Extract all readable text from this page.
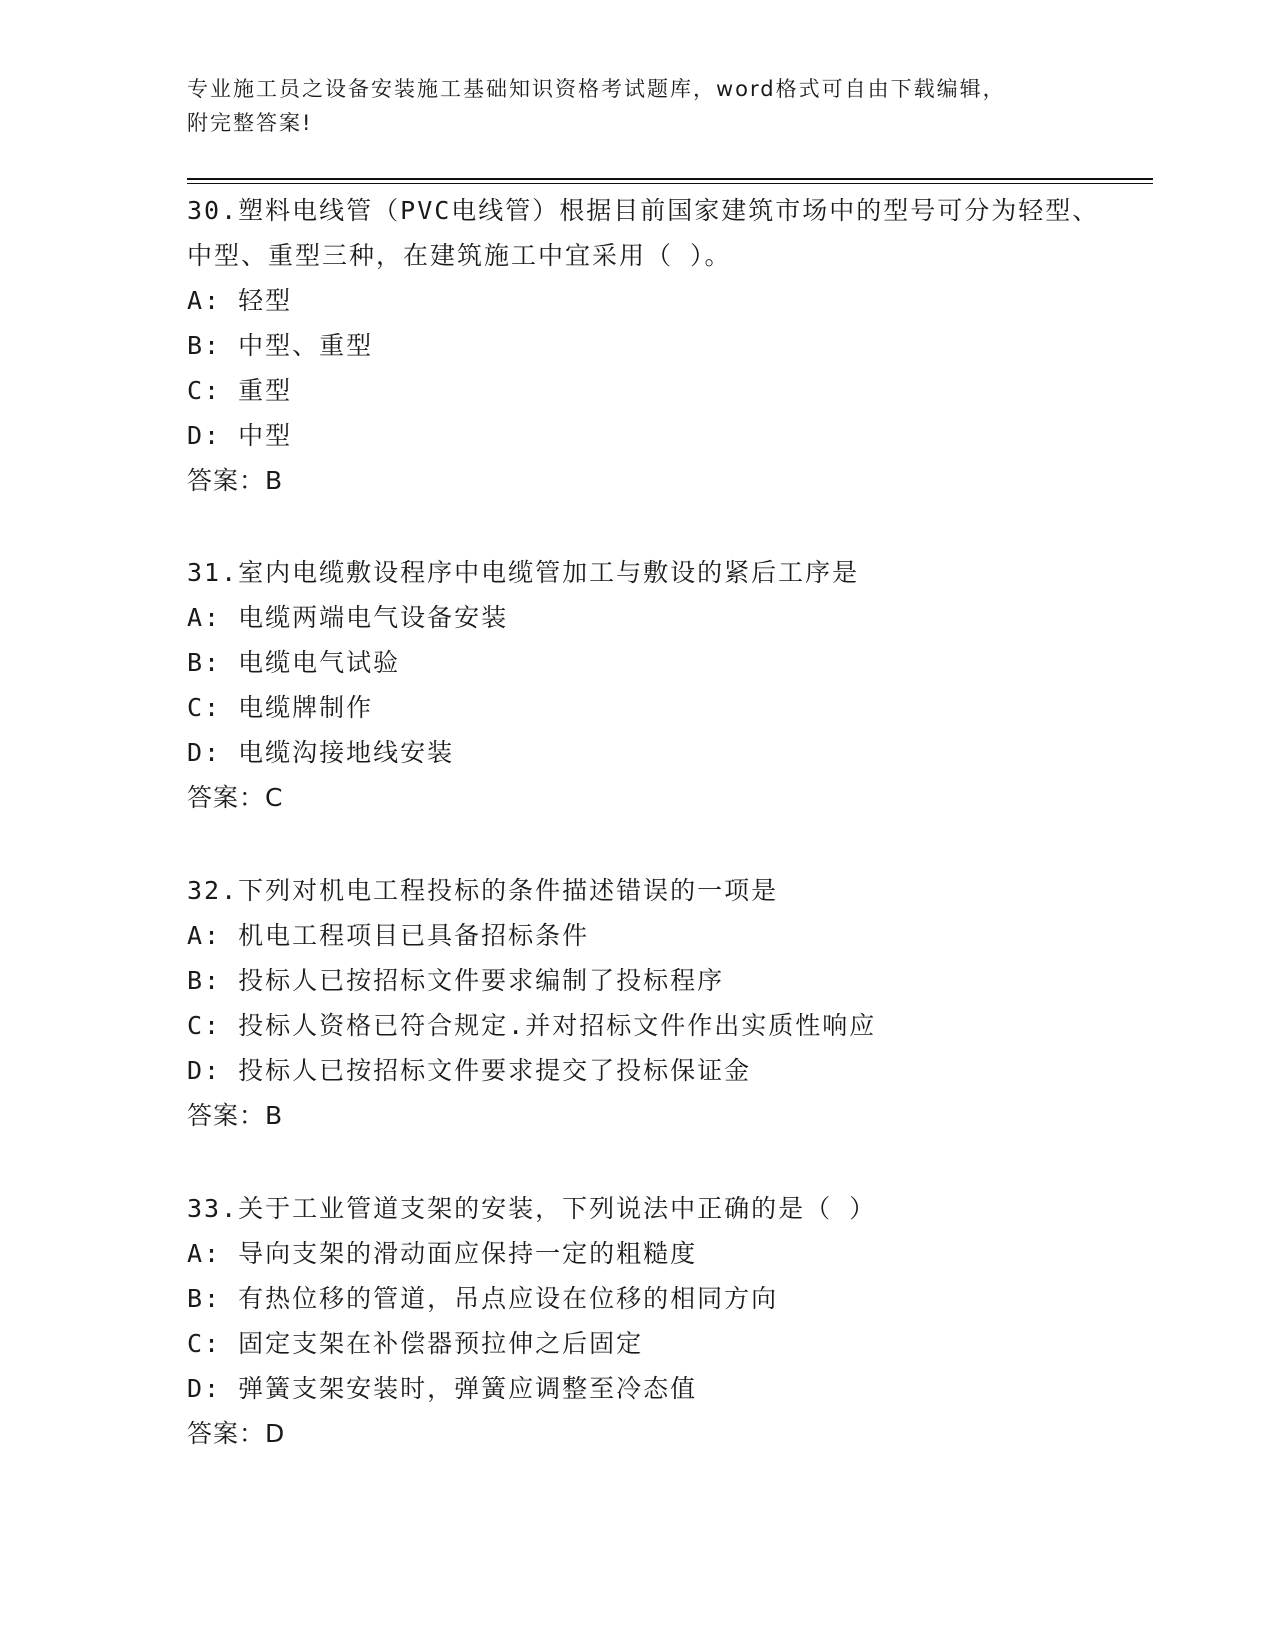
专业施工员之设备安装施工基础知识资格考试题库，word格式可自由下载编辑，
附完整答案!

30.塑料电线管（PVC电线管）根据目前国家建筑市场中的型号可分为轻型、中型、重型三种，在建筑施工中宜采用（ ）。

A: 轻型

B: 中型、重型

C: 重型

D: 中型

答案：B

31.室内电缆敷设程序中电缆管加工与敷设的紧后工序是

A: 电缆两端电气设备安装

B: 电缆电气试验

C: 电缆牌制作

D: 电缆沟接地线安装

答案：C

32.下列对机电工程投标的条件描述错误的一项是

A: 机电工程项目已具备招标条件

B: 投标人已按招标文件要求编制了投标程序

C: 投标人资格已符合规定.并对招标文件作出实质性响应

D: 投标人已按招标文件要求提交了投标保证金

答案：B

33.关于工业管道支架的安装，下列说法中正确的是（ ）

A: 导向支架的滑动面应保持一定的粗糙度

B: 有热位移的管道，吊点应设在位移的相同方向

C: 固定支架在补偿器预拉伸之后固定

D: 弹簧支架安装时，弹簧应调整至冷态值

答案：D
